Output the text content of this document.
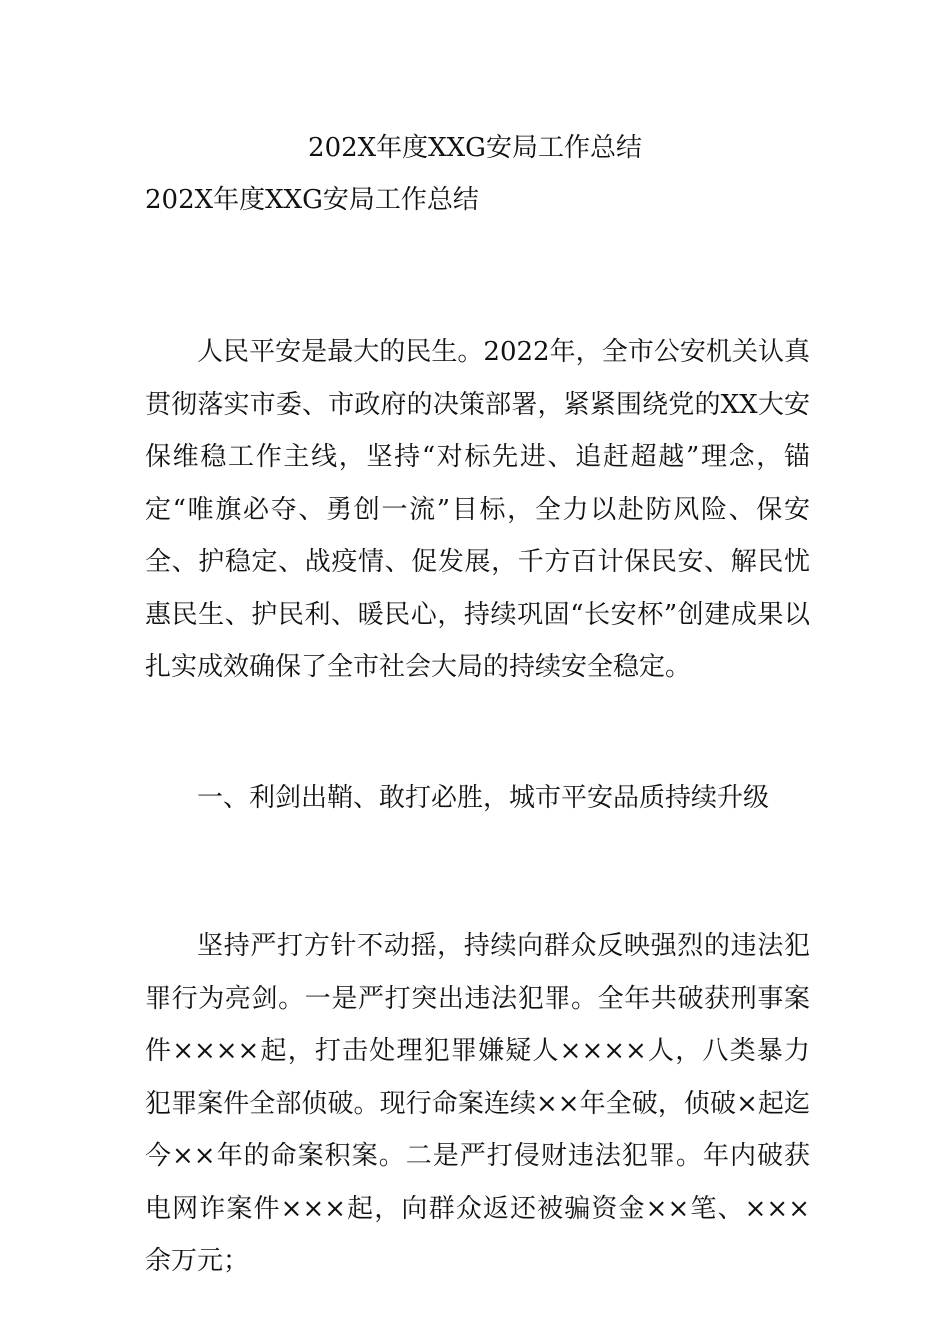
202X年度XXG安局工作总结
202X年度XXG安局工作总结

人民平安是最大的民生。2022年，全市公安机关认真贯彻落实市委、市政府的决策部署，紧紧围绕党的XX大安保维稳工作主线，坚持“对标先进、追赶超越”理念，锚定“唯旗必夺、勇创一流”目标，全力以赴防风险、保安全、护稳定、战疫情、促发展，千方百计保民安、解民忧惠民生、护民利、暖民心，持续巩固“长安杯”创建成果以扎实成效确保了全市社会大局的持续安全稳定。

一、利剑出鞘、敢打必胜，城市平安品质持续升级

坚持严打方针不动摇，持续向群众反映强烈的违法犯罪行为亮剑。一是严打突出违法犯罪。全年共破获刑事案件××××起，打击处理犯罪嫌疑人××××人，八类暴力犯罪案件全部侦破。现行命案连续××年全破，侦破×起迄今××年的命案积案。二是严打侵财违法犯罪。年内破获电网诈案件×××起，向群众返还被骗资金××笔、×××余万元；
